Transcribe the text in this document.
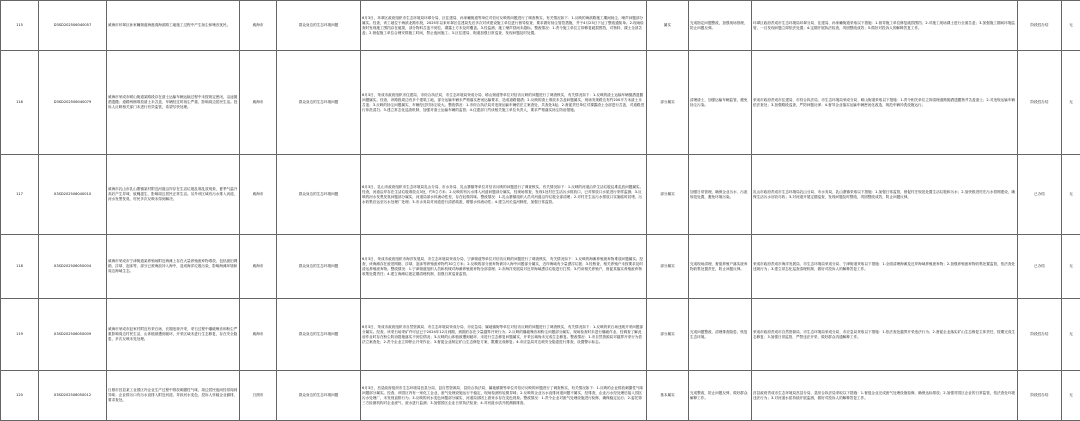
115	D3SD202506040057	威海市环翠区孙家疃街道海港湾海滨路工地施工过程中产生扬尘和噪音扰民。	威海市	群众身边的生态环境问题	6月3日，环翠区政府组织市生态环境局环翠分局、区住建局、孙家疃街道等单位对信访反映的问题进行了调查核实，有关情况如下：1.反映的海滨路施工期间扬尘、噪声问题部分属实。经查，该工地位于海滨北路东段，2025年以来环翠区住建局先后多次对该建设施工单位进行督导检查，要求做好扬尘管控措施，并于4月23日下达了整改通知单。2.现场检查时发现施工围挡存在破损，部分物料苫盖不到位，裸露土方未及时覆盖。3.经监测，施工噪声昼间未超标。整改情况：1.责令施工单位立即修复破损围挡，对物料、裸土全部苫盖；2.督促施工单位合理安排施工时间，禁止夜间施工；3.区住建局、街道加强日常巡查，发现问题及时处置。	属实	完成指定问题整改，加强现场管理，防止问题反弹。	环翠区政府责成市生态环境局环翠分局、住建局、孙家疃街道采取以下措施：1.督导施工单位修复破损围挡；2.对施工现场裸土进行全面苫盖；3.加强施工期间环境监管，一旦发现问题立即依法处置；4.定期开展执法检查，巩固整改成效；5.做好对投诉人的解释答复工作。	阶段性办结	无
116	D3SD202506040079	威海市荣成市崂山街道某路段存在渣土运输车辆运输过程中未按规定密闭，沿途抛洒遗撒；道路两侧堆放渣土未苫盖，车辆经过时扬尘严重，影响周边居民生活。投诉人反映相关部门未进行有效监管，希望尽快处理。	威海市	群众身边的生态环境问题	6月3日，荣成市政府组织市住建局、市综合执法局、市生态环境局荣成分局、崂山街道等单位对信访反映的问题进行了调查核实，有关情况如下：1.反映的渣土运输车辆抛洒遗撒问题属实。经查，该路段周边有多个建筑工地，部分运输车辆未严格落实密闭运输要求，造成道路抛洒；2.反映的渣土堆放未苫盖问题属实，现场发现路边有约200平方米渣土未苫盖；3.反映的扬尘问题属实，车辆经过时扬尘较大。整改情况：1.市综合执法局对违规运输车辆依法立案查处，共查处3起；2.督促责任单位对裸露渣土全部进行苫盖，对道路进行冲洗清扫；3.建立常态化巡查机制，加强对渣土运输车辆的监管；4.住建部门约谈相关施工单位负责人，要求严格落实扬尘防治措施。	部分属实	清理渣土，加强运输车辆监管，避免扬尘污染。	荣成市政府责成市住建局、市综合执法局、市生态环境局荣成分局、崂山街道采取以下措施：1.责令相关单位立即清理道路抛洒遗撒物并苫盖渣土；2.对违规运输车辆依法查处；3.加强路段巡查，严防问题反弹；4.督导企业落实运输车辆密闭化改造，规范车辆冲洗设施运行。	阶段性办结	无
117	X3SD202506040010	威海市乳山市乳山寨镇某村附近河道沿岸存在生活垃圾乱堆乱放现象，夏季气温升高后产生异味，蚊蝇滋生，影响周边居民正常生活。另外该区域有污水排入河道，河水发黑发臭，村民多次反映未得到解决。	威海市	群众身边的生态环境问题	6月3日，乳山市政府组织市生态环境局乳山分局、市水务局、乳山寨镇等单位对信访反映的问题进行了调查核实，有关情况如下：1.反映的河道沿岸生活垃圾乱堆乱放问题属实。经查，河道沿岸存在生活垃圾堆放点3处，约5立方米；2.反映的有污水排入河道问题部分属实，经现场排查，发现1处村庄生活污水排放口，已对排放口水质进行采样监测；3.反映的河水发黑发臭问题部分属实，河道局部水体流动性差，存在轻微异味。整改情况：1.乳山寨镇组织人员对河道沿岸垃圾全部清理；2.对村庄生活污水排放口实施临时封堵，污水收集后运至污水处理厂处理；3.市水务局对河道进行清淤疏浚，增强水体流动性；4.建立河长巡河制度，加强日常监管。	部分属实	加强日常管理，确保企业污水、污泥规范处置，避免环境污染。	乳山市政府责成市生态环境局乳山分局、市水务局、乳山寨镇采取以下措施：1.加强日常监管，督促村庄规范处置生活垃圾和污水；2.加快推进村庄污水管网建设，确保生活污水应收尽收；3.对河道开展定期巡查，发现问题及时整改，巩固整改成效，防止问题反弹。	已办结	无
118	X3SD202506050004	威海市荣成市宁津街道某养殖场附近海滩上存在大量养殖废弃物堆放，包括废旧网箱、浮球、泡沫等，部分已被海浪冲入海中，造成海洋垃圾污染，影响海滩环境和周边海域生态。	威海市	群众身边的生态环境问题	6月3日，荣成市政府组织市海洋发展局、市生态环境局荣成分局、宁津街道等单位对信访反映的问题进行了调查核实，有关情况如下：1.反映的海滩养殖废弃物堆放问题属实。经查，该海滩存在废旧网箱、浮球、泡沫等养殖废弃物约30立方米；2.反映的部分废弃物被冲入海中问题部分属实，近岸海域有少量漂浮垃圾；3.经核查，相关养殖户未按要求及时清运养殖废弃物。整改情况：1.宁津街道组织人员和机械对海滩养殖废弃物全部清理；2.市海洋发展局对近岸海域漂浮垃圾进行打捞；3.约谈相关养殖户，督促其落实养殖废弃物收集处置责任；4.建立海滩垃圾定期清理机制，加强日常巡查监管。	部分属实	完成现场清理，督促养殖户落实废弃物收集处置责任，防止问题反弹。	荣成市政府责成市海洋发展局、市生态环境局荣成分局、宁津街道采取以下措施：1.全面清理海滩及近岸海域养殖废弃物；2.加强养殖废弃物收集处置监管，依法查处违规行为；3.建立常态化巡查清理机制，做好对投诉人的解释答复工作。	已办结	无
119	X3SD202506050009	威海市荣成市赵家村附近有采石场，长期违规开采，采石过程中爆破噪音和粉尘严重影响周边村民生活，山体植被遭到破坏，开采区域未进行生态修复，存在安全隐患，多次反映未见处理。	威海市	群众身边的生态环境问题	6月3日，荣成市政府组织市自然资源局、市生态环境局荣成分局、市应急局、属地镇街等单位对信访反映的问题进行了调查核实，有关情况如下：1.反映的采石场违规开采问题部分属实。经查，该采石场采矿许可证已于2024年12月到期，到期后存在少量越界开采行为；2.反映的爆破噪音和粉尘问题部分属实，现场检查时未进行爆破作业，经调查了解此前作业时存在粉尘防治措施落实不到位情况；3.反映的山体植被遭到破坏、未进行生态修复问题属实，开采区域尚未完成生态修复。整改情况：1.市自然资源局对越界开采行为依法立案查处；2.责令企业立即停止开采作业；3.督促企业制定矿山生态修复方案，限期完成修复；4.市应急局对边坡安全隐患进行排查，设置警示标志。	部分属实	完成问题整改，清理排查隐患，恢复生态环境。	荣成市政府责成市自然资源局、市生态环境局荣成分局、市应急局采取以下措施：1.依法查处越界开采违法行为；2.督促企业落实矿山生态修复主体责任，按期完成生态修复；3.加强日常监管，严禁违法开采，做好群众沟通解释工作。	阶段性办结	无
120	X3SD202506050012	日照市莒县某工业园区内企业生产过程中排放刺激性气味，周边居民夜间经常闻到异味；企业排污口有污水直排入附近河道，导致河水变色，投诉人怀疑企业偷排，要求查处。	日照市	群众身边的生态环境问题	6月3日，莒县政府组织市生态环境局莒县分局、县自然资源局、县综合执法局、属地镇街等单位对信访反映的问题进行了调查核实，有关情况如下：1.反映的企业排放刺激性气味问题部分属实。经查，该园区内有一家化工企业，废气处理设施运行不稳定，现场检测有轻微异味；2.反映的企业污水直排河道问题不属实，经排查，企业污水经处理后接入园区污水处理厂，未发现直排行为；3.反映的河水变色问题部分属实，河道局部因上游来水存在变色现象。整改情况：1.责令企业对废气处理设施进行检修，确保稳定运行；2.委托第三方检测机构对企业废气、废水进行监测；3.加强园区企业日常执法检查；4.对河道水质开展溯源排查。	基本属实	完成整改，防止问题反弹，做好群众解释工作。	莒县政府责成市生态环境局莒县分局、县综合执法局采取以下措施：1.督促企业完成废气处理设施检修，确保达标排放；2.加强对园区企业的日常监管，依法查处环境违法行为；3.对河道水质持续开展监测，做好对投诉人的解释答复工作。	阶段性办结	无
